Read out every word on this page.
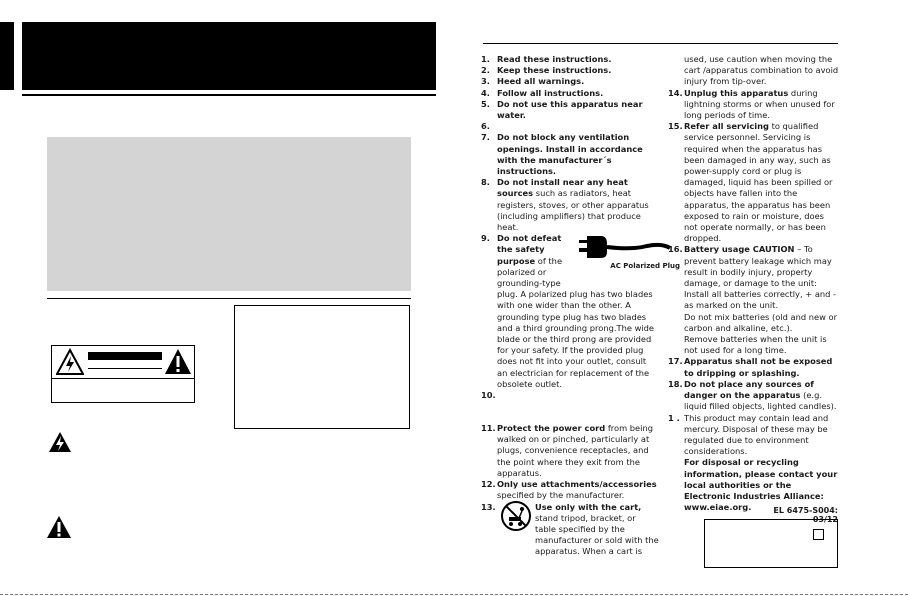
1. Read these instructions.
2. Keep these instructions.
3. Heed all warnings.
4. Follow all instructions.
5. Do not use this apparatus near water.
6.
7. Do not block any ventilation openings. Install in accordance with the manufacturer´s instructions.
8. Do not install near any heat sources such as radiators, heat registers, stoves, or other apparatus (including amplifiers) that produce heat.
9. Do not defeat the safety purpose of the polarized or grounding-type plug. A polarized plug has two blades with one wider than the other. A grounding type plug has two blades and a third grounding prong.The wide blade or the third prong are provided for your safety. If the provided plug does not fit into your outlet, consult an electrician for replacement of the obsolete outlet.
10.
11. Protect the power cord from being walked on or pinched, particularly at plugs, convenience receptacles, and the point where they exit from the apparatus.
12. Only use attachments/accessories specified by the manufacturer.
13.	Use only with the cart, stand tripod, bracket, or table specified by the manufacturer or sold with the apparatus. When a cart is
used, use caution when moving the cart /apparatus combination to avoid injury from tip-over.
14. Unplug this apparatus during lightning storms or when unused for long periods of time.
15. Refer all servicing to qualified service personnel. Servicing is required when the apparatus has been damaged in any way, such as power-supply cord or plug is damaged, liquid has been spilled or objects have fallen into the apparatus, the apparatus has been exposed to rain or moisture, does not operate normally, or has been dropped.
16. Battery usage CAUTION – To prevent battery leakage which may result in bodily injury, property damage, or damage to the unit:
Install all batteries correctly, + and - as marked on the unit.
Do not mix batteries (old and new or carbon and alkaline, etc.).
Remove batteries when the unit is not used for a long time.
17. Apparatus shall not be exposed to dripping or splashing.
18. Do not place any sources of danger on the apparatus (e.g. liquid filled objects, lighted candles).
1 . This product may contain lead and mercury. Disposal of these may be regulated due to environment considerations.
For disposal or recycling information, please contact your local authorities or the Electronic Industries Alliance: www.eiae.org.
AC Polarized Plug
EL 6475-S004: 03/12
